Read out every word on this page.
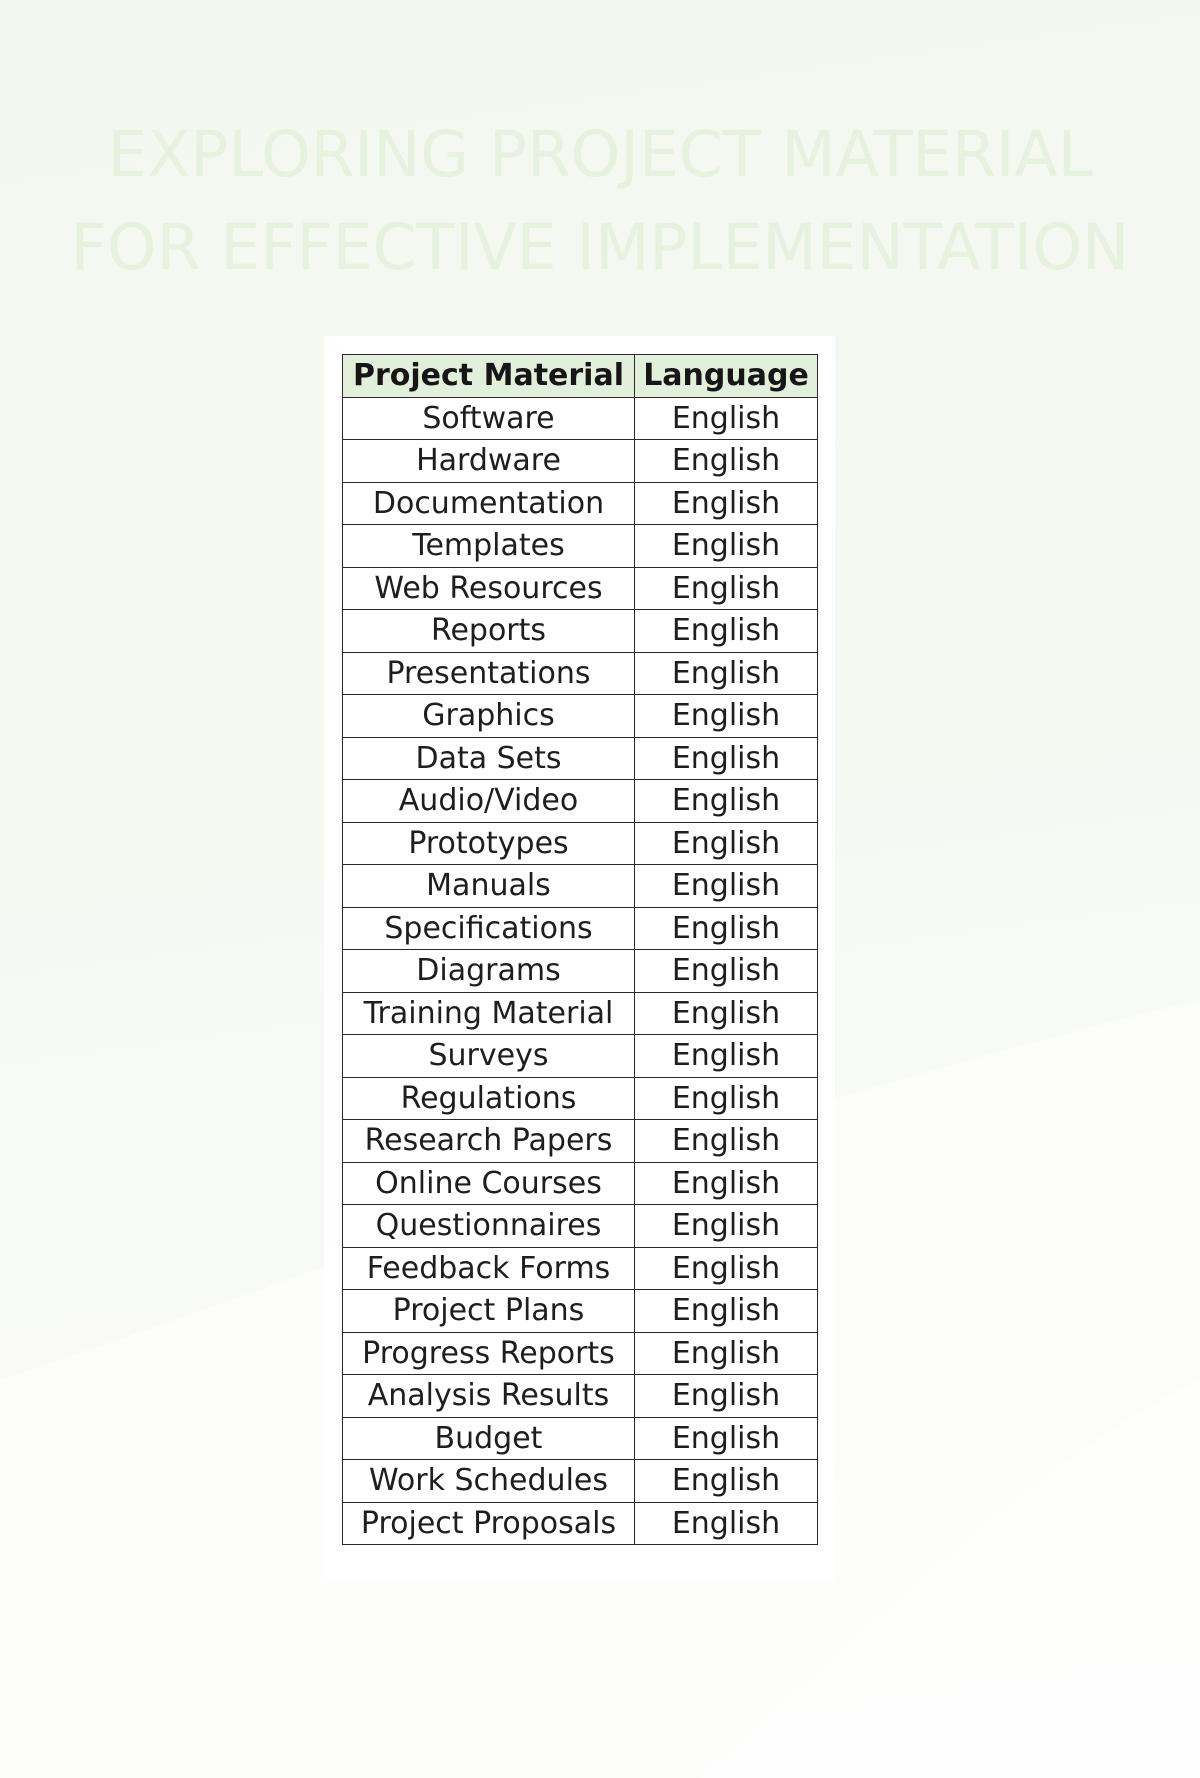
EXPLORING PROJECT MATERIAL
FOR EFFECTIVE IMPLEMENTATION
Project Material	Language
Software	English
Hardware	English
Documentation	English
Templates	English
Web Resources	English
Reports	English
Presentations	English
Graphics	English
Data Sets	English
Audio/Video	English
Prototypes	English
Manuals	English
Specifications	English
Diagrams	English
Training Material	English
Surveys	English
Regulations	English
Research Papers	English
Online Courses	English
Questionnaires	English
Feedback Forms	English
Project Plans	English
Progress Reports	English
Analysis Results	English
Budget	English
Work Schedules	English
Project Proposals	English
